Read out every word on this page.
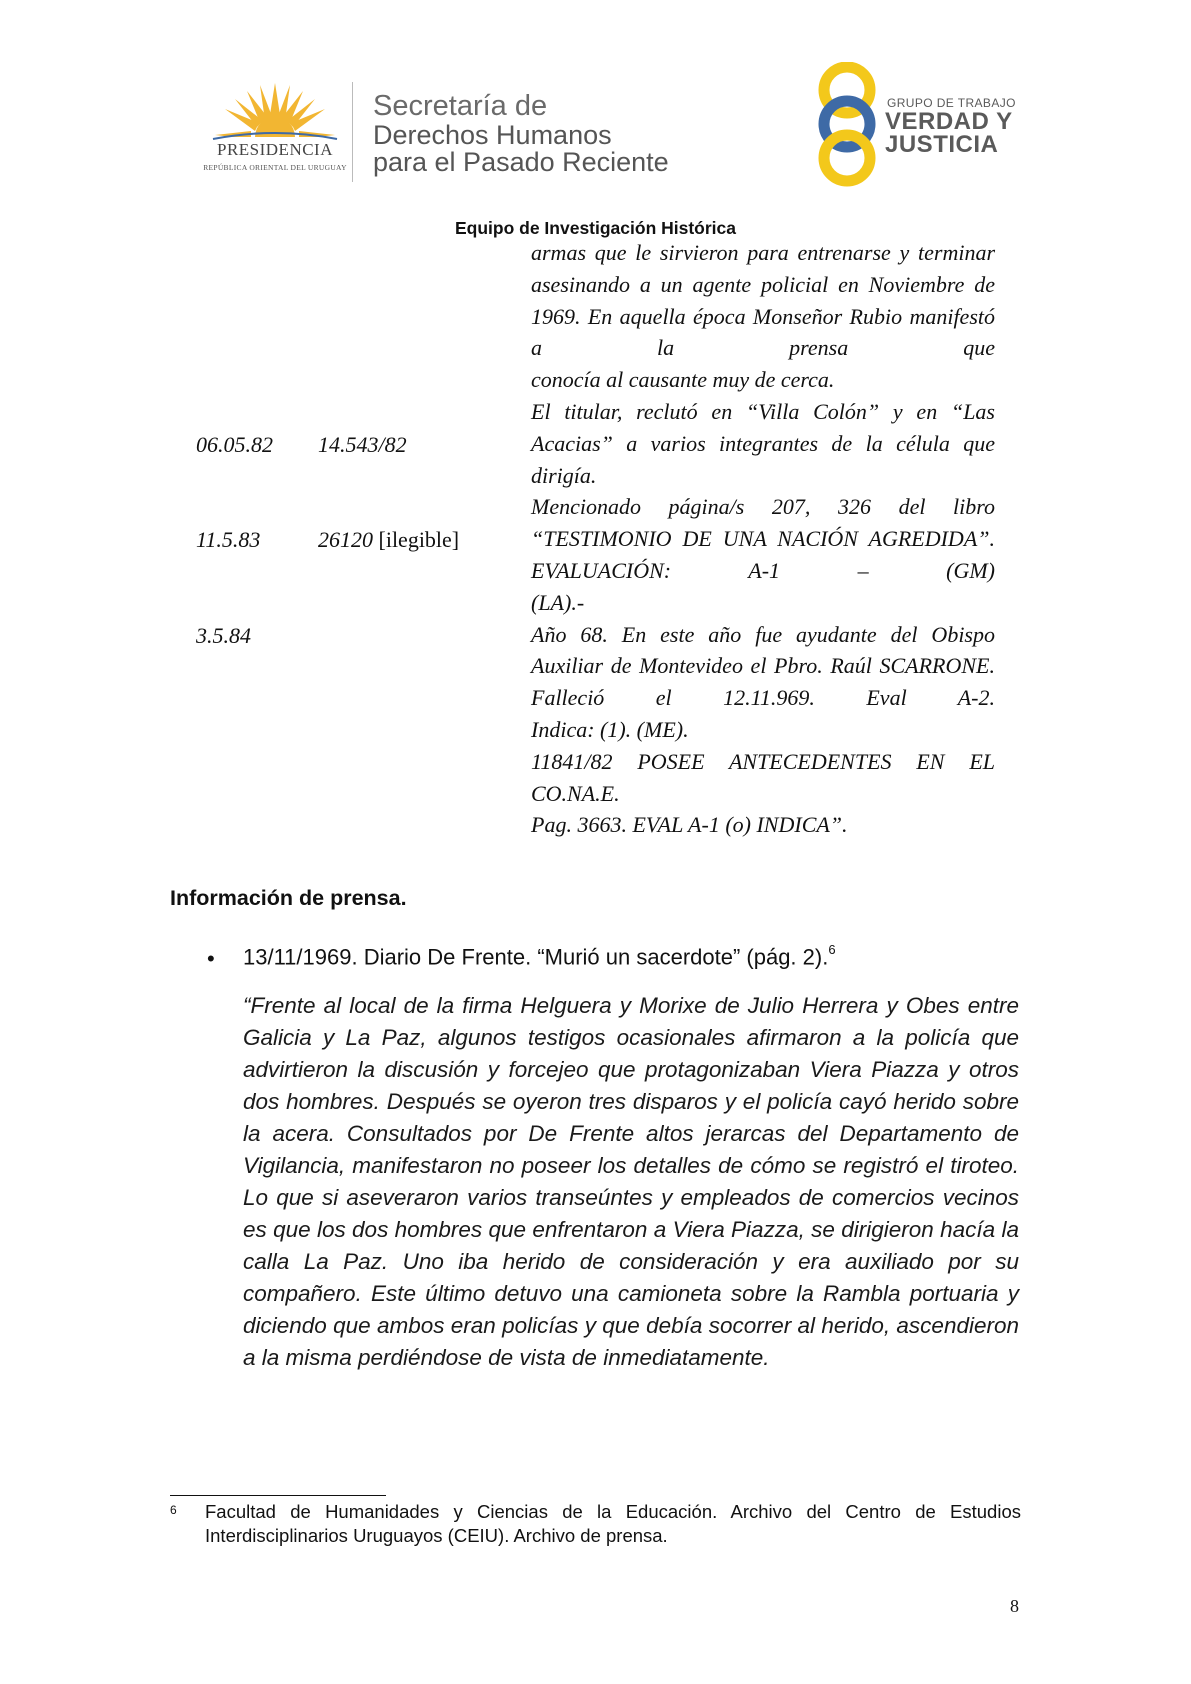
PRESIDENCIA
REPÚBLICA ORIENTAL DEL URUGUAY
Secretaría de
Derechos Humanos
para el Pasado Reciente
GRUPO DE TRABAJO
VERDAD Y
JUSTICIA
Equipo de Investigación Histórica

armas que le sirvieron para entrenarse y terminar asesinando a un agente policial en Noviembre de 1969. En aquella época Monseñor Rubio manifestó a la prensa que

conocía al causante muy de cerca.

El titular, reclutó en “Villa Colón” y en “Las Acacias” a varios integrantes de la célula que

dirigía.

Mencionado página/s 207, 326 del libro “TESTIMONIO DE UNA NACIÓN AGREDIDA”. EVALUACIÓN: A-1 – (GM)

(LA).-

Año 68. En este año fue ayudante del Obispo Auxiliar de Montevideo el Pbro. Raúl SCARRONE. Falleció el 12.11.969. Eval A-2.

Indica: (1). (ME).

11841/82 POSEE ANTECEDENTES EN EL

CO.NA.E.

Pag. 3663. EVAL A-1 (o) INDICA”.

06.05.82 14.543/82
11.5.83	26120 [ilegible]
3.5.84
Información de prensa.
• 13/11/1969. Diario De Frente. “Murió un sacerdote” (pág. 2).$^6$

“Frente al local de la firma Helguera y Morixe de Julio Herrera y Obes entre Galicia y La Paz, algunos testigos ocasionales afirmaron a la policía que advirtieron la discusión y forcejeo que protagonizaban Viera Piazza y otros dos hombres. Después se oyeron tres disparos y el policía cayó herido sobre la acera. Consultados por De Frente altos jerarcas del Departamento de Vigilancia, manifestaron no poseer los detalles de cómo se registró el tiroteo. Lo que si aseveraron varios transeúntes y empleados de comercios vecinos es que los dos hombres que enfrentaron a Viera Piazza, se dirigieron hacía la calla La Paz. Uno iba herido de consideración y era auxiliado por su compañero. Este último detuvo una camioneta sobre la Rambla portuaria y diciendo que ambos eran policías y que debía socorrer al herido, ascendieron a la misma perdiéndose de vista de inmediatamente.

6 Facultad de Humanidades y Ciencias de la Educación. Archivo del Centro de Estudios Interdisciplinarios Uruguayos (CEIU). Archivo de prensa.

8
